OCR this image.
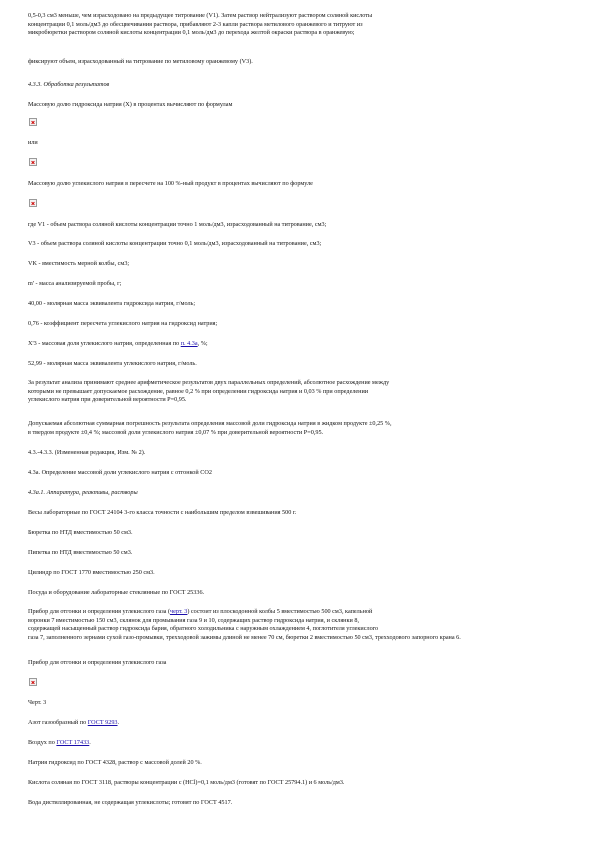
0,5-0,3 см3 меньше, чем израсходовано на предыдущее титрование (V1). Затем раствор нейтрализуют раствором соляной кислоты
концентрации 0,1 моль/дм3 до обесцвечивания раствора, прибавляют 2-3 капли раствора метилового оранжевого и титруют из
микробюретки раствором соляной кислоты концентрации 0,1 моль/дм3 до перехода желтой окраски раствора в оранжевую;
фиксируют объем, израсходованный на титрование по метиловому оранжевому (V3).
4.3.3. Обработка результатов
Массовую долю гидроксида натрия (X) в процентах вычисляют по формулам
или
Массовую долю углекислого натрия в пересчете на 100 %-ный продукт в процентах вычисляют по формуле
где V1 - объем раствора соляной кислоты концентрации точно 1 моль/дм3, израсходованный на титрование, см3;
V3 - объем раствора соляной кислоты концентрации точно 0,1 моль/дм3, израсходованный на титрование, см3;
VK - вместимость мерной колбы, см3;
m' - масса анализируемой пробы, г;
40,00 - молярная масса эквивалента гидроксида натрия, г/моль;
0,76 - коэффициент пересчета углекислого натрия на гидроксид натрия;
X'3 - массовая доля углекислого натрия, определенная по п. 4.3а, %;
52,99 - молярная масса эквивалента углекислого натрия, г/моль.
За результат анализа принимают среднее арифметическое результатов двух параллельных определений, абсолютное расхождение между
которыми не превышает допускаемое расхождение, равное 0,2 % при определении гидроксида натрия и 0,03 % при определении
углекислого натрия при доверительной вероятности P=0,95.
Допускаемая абсолютная суммарная погрешность результата определения массовой доли гидроксида натрия в жидком продукте ±0,25 %,
в твердом продукте ±0,4 %; массовой доли углекислого натрия ±0,07 % при доверительной вероятности P=0,95.
4.3.-4.3.3. (Измененная редакция, Изм. № 2).
4.3а. Определение массовой доли углекислого натрия с отгонкой CO2
4.3а.1. Аппаратура, реактивы, растворы
Весы лабораторные по ГОСТ 24104 3-го класса точности с наибольшим пределом взвешивания 500 г.
Бюретка по НТД вместимостью 50 см3.
Пипетка по НТД вместимостью 50 см3.
Цилиндр по ГОСТ 1770 вместимостью 250 см3.
Посуда и оборудование лабораторные стеклянные по ГОСТ 25336.
Прибор для отгонки и определения углекислого газа (черт. 3) состоит из плоскодонной колбы 5 вместимостью 500 см3, капельной
воронки 7 вместимостью 150 см3, склянок для промывания газа 9 и 10, содержащих раствор гидроксида натрия, и склянки 8,
содержащей насыщенный раствор гидроксида бария, обратного холодильника с наружным охлаждением 4, поглотителя углекислого
газа 7, заполненного зернами сухой газо-промывки, трехходовой зажимы длиной не менее 70 см, бюретки 2 вместимостью 50 см3, трехходового запорного крана 6.
Прибор для отгонки и определения углекислого газа
Черт. 3
Азот газообразный по ГОСТ 9293.
Воздух по ГОСТ 17433.
Натрия гидроксид по ГОСТ 4328, раствор с массовой долей 20 %.
Кислота соляная по ГОСТ 3118, растворы концентрации с (HCl)=0,1 моль/дм3 (готовят по ГОСТ 25794.1) и 6 моль/дм3.
Вода дистиллированная, не содержащая углекислоты; готовят по ГОСТ 4517.
